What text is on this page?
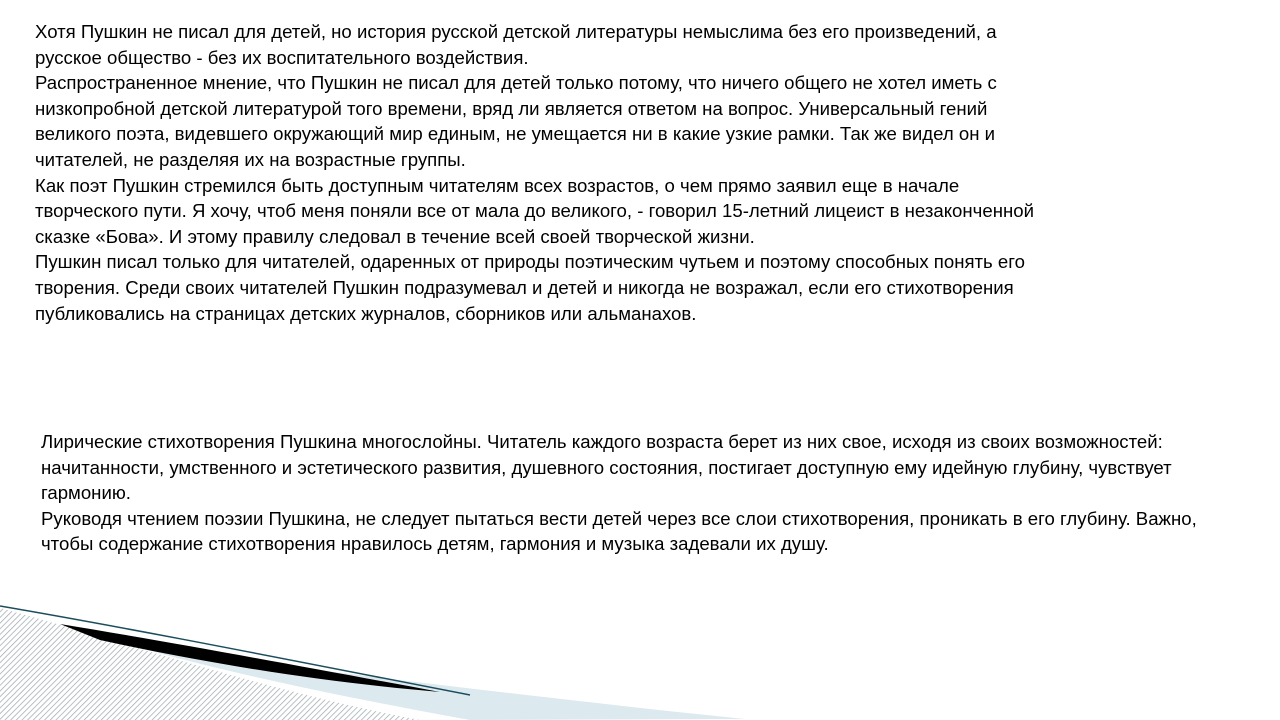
Хотя Пушкин не писал для детей, но история русской детской литературы немыслима без его произведений, а русское общество - без их воспитательного воздействия.

Распространенное мнение, что Пушкин не писал для детей только потому, что ничего общего не хотел иметь с низкопробной детской литературой того времени, вряд ли является ответом на вопрос. Универсальный гений великого поэта, видевшего окружающий мир единым, не умещается ни в какие узкие рамки. Так же видел он и читателей, не разделяя их на возрастные группы.

Как поэт Пушкин стремился быть доступным читателям всех возрастов, о чем прямо заявил еще в начале творческого пути. Я хочу, чтоб меня поняли все от мала до великого, - говорил 15-летний лицеист в незаконченной сказке «Бова». И этому правилу следовал в течение всей своей творческой жизни.

Пушкин писал только для читателей, одаренных от природы поэтическим чутьем и поэтому способных понять его творения. Среди своих читателей Пушкин подразумевал и детей и никогда не возражал, если его стихотворения публиковались на страницах детских журналов, сборников или альманахов.

Лирические стихотворения Пушкина многослойны. Читатель каждого возраста берет из них свое, исходя из своих возможностей: начитанности, умственного и эстетического развития, душевного состояния, постигает доступную ему идейную глубину, чувствует гармонию.

Руководя чтением поэзии Пушкина, не следует пытаться вести детей через все слои стихотворения, проникать в его глубину. Важно, чтобы содержание стихотворения нравилось детям, гармония и музыка задевали их душу.
